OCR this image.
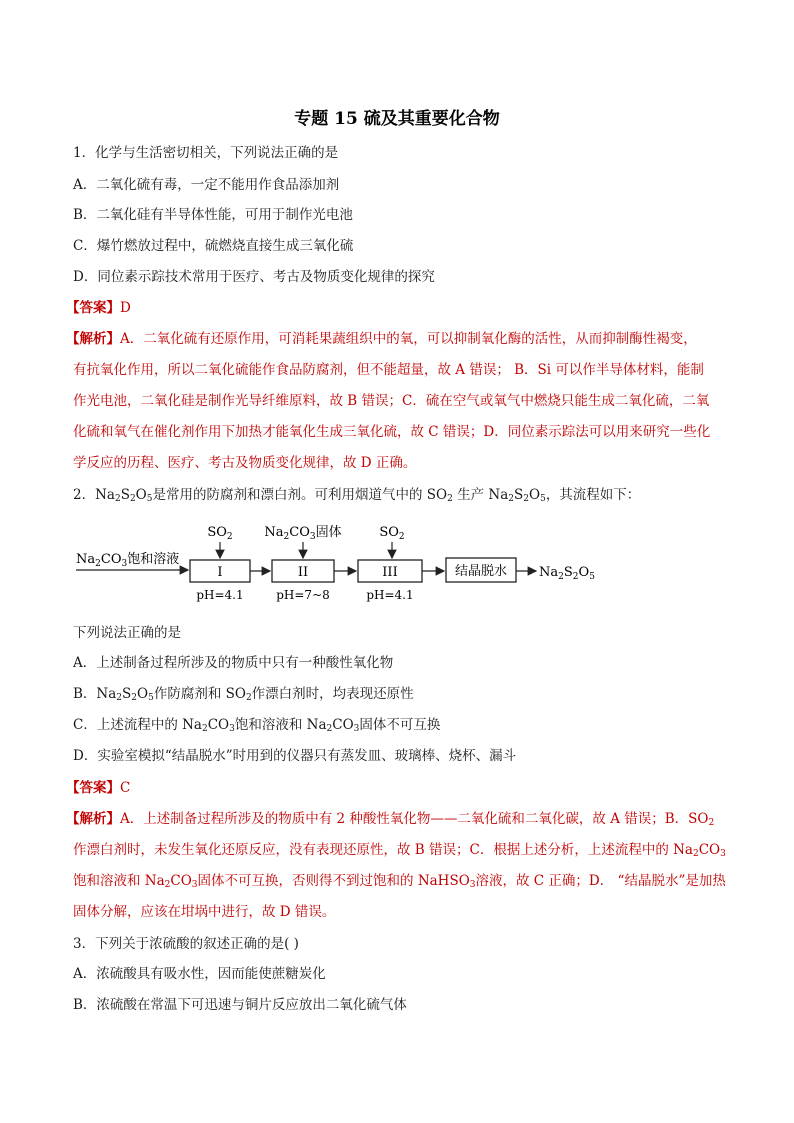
专题 15 硫及其重要化合物
1．化学与生活密切相关，下列说法正确的是
A．二氧化硫有毒，一定不能用作食品添加剂
B．二氧化硅有半导体性能，可用于制作光电池
C．爆竹燃放过程中，硫燃烧直接生成三氧化硫
D．同位素示踪技术常用于医疗、考古及物质变化规律的探究
【答案】D
【解析】A．二氧化硫有还原作用，可消耗果蔬组织中的氧，可以抑制氧化酶的活性，从而抑制酶性褐变，
有抗氧化作用，所以二氧化硫能作食品防腐剂，但不能超量，故 A 错误； B．Si 可以作半导体材料，能制
作光电池，二氧化硅是制作光导纤维原料，故 B 错误；C．硫在空气或氧气中燃烧只能生成二氧化硫，二氧
化硫和氧气在催化剂作用下加热才能氧化生成三氧化硫，故 C 错误；D．同位素示踪法可以用来研究一些化
学反应的历程、医疗、考古及物质变化规律，故 D 正确。
2．$Na_2S_2O_5$是常用的防腐剂和漂白剂。可利用烟道气中的 $SO_2$ 生产 $Na_2S_2O_5$，其流程如下：
$Na_2CO_3$饱和溶液
I
$SO_2$
pH=4.1
II
$Na_2CO_3$固体
pH=7~8
III
$SO_2$
pH=4.1
结晶脱水 $Na_2S_2O_5$
下列说法正确的是
A．上述制备过程所涉及的物质中只有一种酸性氧化物
B．$Na_2S_2O_5$作防腐剂和 $SO_2$作漂白剂时，均表现还原性
C．上述流程中的 $Na_2CO_3$饱和溶液和 $Na_2CO_3$固体不可互换
D．实验室模拟“结晶脱水”时用到的仪器只有蒸发皿、玻璃棒、烧杯、漏斗
【答案】C
【解析】A．上述制备过程所涉及的物质中有 2 种酸性氧化物——二氧化硫和二氧化碳，故 A 错误；B．$SO_2$
作漂白剂时，未发生氧化还原反应，没有表现还原性，故 B 错误；C．根据上述分析，上述流程中的 $Na_2CO_3$
饱和溶液和 $Na_2CO_3$固体不可互换，否则得不到过饱和的 NaHSO$_3$溶液，故 C 正确；D． “结晶脱水”是加热
固体分解，应该在坩埚中进行，故 D 错误。
3．下列关于浓硫酸的叙述正确的是( )
A．浓硫酸具有吸水性，因而能使蔗糖炭化
B．浓硫酸在常温下可迅速与铜片反应放出二氧化硫气体
